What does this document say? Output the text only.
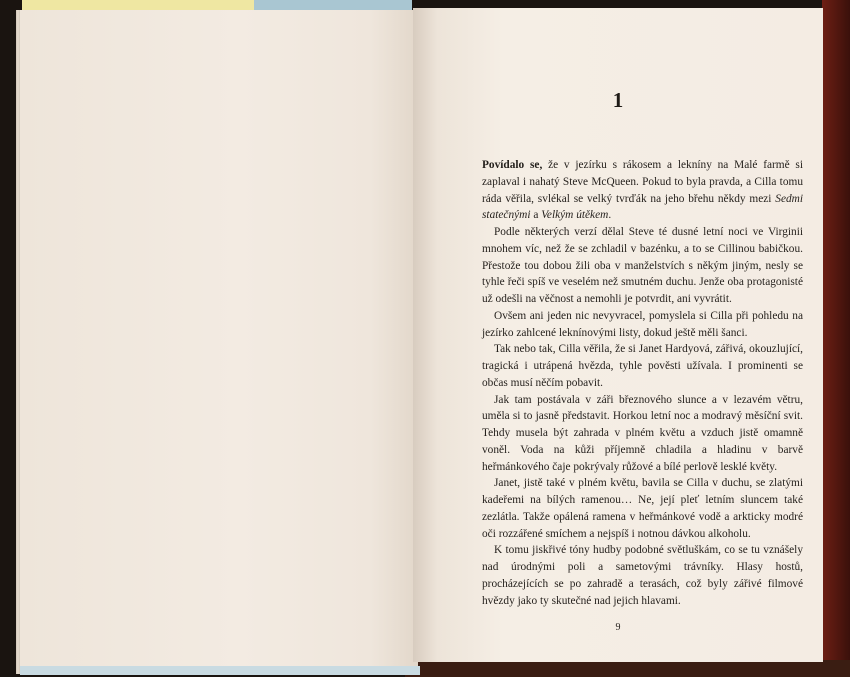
1

Povídalo se, že v jezírku s rákosem a lekníny na Malé farmě si zaplaval i nahatý Steve McQueen. Pokud to byla pravda, a Cilla tomu ráda věřila, svlékal se velký tvrďák na jeho břehu někdy mezi Sedmi statečnými a Velkým útěkem.

Podle některých verzí dělal Steve té dusné letní noci ve Virginii mnohem víc, než že se zchladil v bazénku, a to se Cillinou babičkou. Přestože tou dobou žili oba v manželstvích s někým jiným, nesly se tyhle řeči spíš ve veselém než smutném duchu. Jenže oba protagonisté už odešli na věčnost a nemohli je potvrdit, ani vyvrátit.

Ovšem ani jeden nic nevyvracel, pomyslela si Cilla při pohledu na jezírko zahlcené leknínovými listy, dokud ještě měli šanci.

Tak nebo tak, Cilla věřila, že si Janet Hardyová, zářivá, okouzlující, tragická i utrápená hvězda, tyhle pověsti užívala. I prominenti se občas musí něčím pobavit.

Jak tam postávala v záři březnového slunce a v lezavém větru, uměla si to jasně představit. Horkou letní noc a modravý měsíční svit. Tehdy musela být zahrada v plném květu a vzduch jistě omamně voněl. Voda na kůži příjemně chladila a hladinu v barvě heřmánkového čaje pokrývaly růžové a bílé perlově lesklé květy.

Janet, jistě také v plném květu, bavila se Cilla v duchu, se zlatými kadeřemi na bílých ramenou… Ne, její pleť letním sluncem také zezlátla. Takže opálená ramena v heřmánkové vodě a arkticky modré oči rozzářené smíchem a nejspíš i notnou dávkou alkoholu.

K tomu jiskřivé tóny hudby podobné světluškám, co se tu vznášely nad úrodnými poli a sametovými trávníky. Hlasy hostů, procházejících se po zahradě a terasách, což byly zářivé filmové hvězdy jako ty skutečné nad jejich hlavami.

9
